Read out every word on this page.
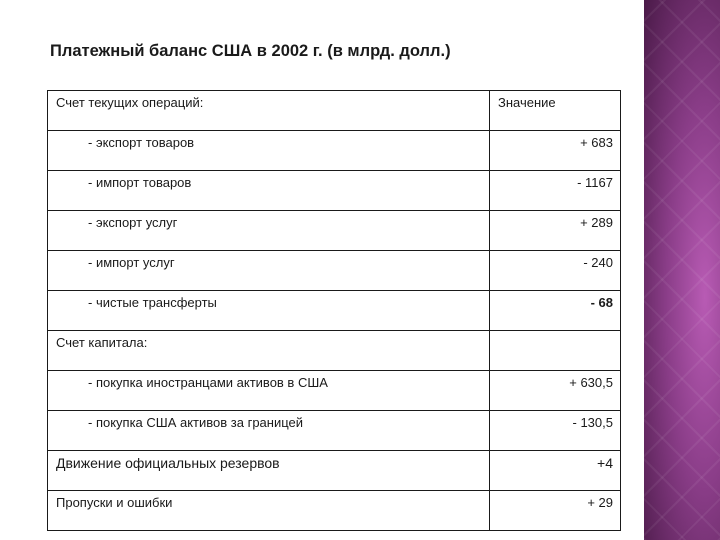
Платежный баланс США в 2002 г. (в млрд. долл.)
Счет текущих операций:	Значение
- экспорт товаров	+ 683
- импорт товаров	- 1167
- экспорт услуг	+ 289
- импорт услуг	- 240
- чистые трансферты	- 68
Счет капитала:	
- покупка иностранцами активов в США	+ 630,5
- покупка США активов за границей	- 130,5
Движение официальных резервов	+4
Пропуски и ошибки	+ 29
